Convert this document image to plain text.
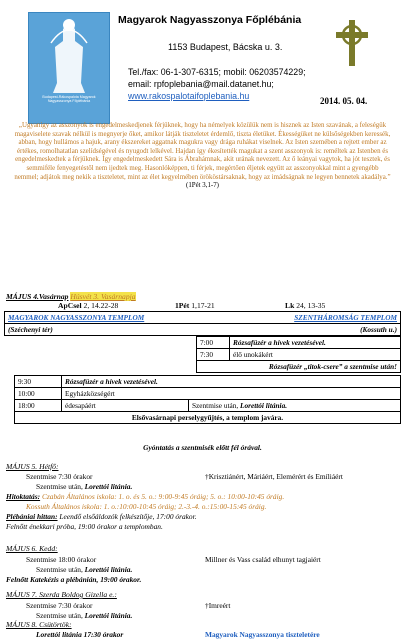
Budapest-Rákospalota Magyarok Nagyasszonya Főplébánia
Magyarok Nagyasszonya Főplébánia
1153 Budapest, Bácska u. 3.
Tel./fax: 06-1-307-6315; mobil: 06203574229;
email: rpfoplebania@mail.datanet.hu;
www.rakospalotaifoplebania.hu	2014. 05. 04.
„Ugyanígy az asszonyok is engedelmeskedjenek férjüknek, hogy ha némelyek közülük nem is hisznek az Isten szavának, a feleségük magaviselete szavak nélkül is megnyerje őket, amikor látják tiszteletet érdemlő, tiszta életüket. Ékességüket ne külsőségekben keressék, abban, hogy hullámos a hajuk, arany ékszereket aggatnak magukra vagy drága ruhákat viselnek. Az Isten szemében a rejtett ember az értékes, romolhatatlan szelídségével és nyugodt lelkével. Hajdan így ékesítették magukat a szent asszonyok is: reméltek az Istenben és engedelmeskedtek a férjüknek. Így engedelmeskedett Sára is Ábrahámnak, akit urának nevezett. Az ő leányai vagytok, ha jót tesztek, és semmiféle fenyegetéstől nem ijedtek meg. Hasonlóképpen, ti férjek, megértően éljetek együtt az asszonyokkal mint a gyengébb nemmel; adjátok meg nekik a tiszteletet, mint az élet kegyelmében örököstársaknak, hogy az imádságnak ne legyen bennetek akadálya.” (1Pét 3,1-7)
MÁJUS 4.Vasárnap Húsvét 3. Vasárnapja
ApCsel 2, 14.22-28	1Pét 1,17-21	Lk 24, 13-35
MAGYAROK NAGYASSZONYA TEMPLOM	SZENTHÁROMSÁG TEMPLOM
(Széchenyi tér)	(Kossuth u.)
7:00	Rózsafüzér a hívek vezetésével.
7:30	élő unokákért
Rózsafüzér „titok-csere” a szentmise után!	
9:30	Rózsafüzér a hívek vezetésével.	
10:00	Egyházközségért	
18:00	édesapáért	Szentmise után, Lorettói litánia.
Elsővasárnapi perselygyűjtés, a templom javára.		
Gyóntatás a szentmisék előtt fél órával.
MÁJUS 5. Hétfő:
Szentmise 7:30 órakor	†Krisztiánért, Máriáért, Elemérért és Emíliáért
Szentmise után, Lorettói litánia.
Hitoktatás: Czabán Általános iskola: 1. o. és 5. o.: 9:00-9:45 óráig; 5. o.: 10:00-10:45 óráig.
Kossuth Általános iskola: 1. o.:10:00-10:45 óráig; 2.-3.-4. o.:15:00-15:45 óráig.
Plébániai hittan: Leendő elsőáldozók felkészítője, 17:00 órakor.
Felnőtt énekkari próba, 19:00 órakor a templomban.
MÁJUS 6. Kedd:
Szentmise 18:00 órakor	Millner és Vass család elhunyt tagjaiért
Szentmise után, Lorettói litánia.
Felnőtt Katekézis a plébánián, 19:00 órakor.
MÁJUS 7. Szerda Boldog Gizella e.:
Szentmise 7:30 órakor	†Imreért
Szentmise után, Lorettói litánia.
MÁJUS 8. Csütörtök:
Lorettói litánia 17:30 órakor	Magyarok Nagyasszonya tiszteletére
